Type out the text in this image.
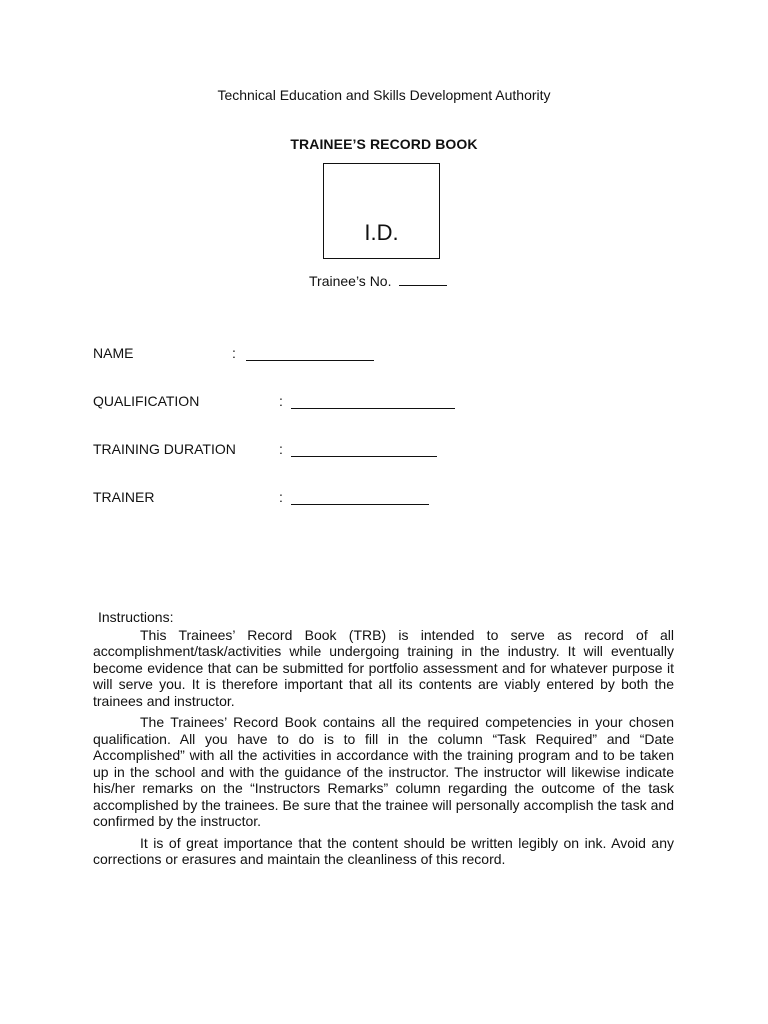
Technical Education and Skills Development Authority
TRAINEE’S RECORD BOOK
I.D.
Trainee’s No.
NAME	:
QUALIFICATION	:
TRAINING DURATION	:
TRAINER	:
Instructions:

This Trainees’ Record Book (TRB) is intended to serve as record of all accomplishment/task/activities while undergoing training in the industry. It will eventually become evidence that can be submitted for portfolio assessment and for whatever purpose it will serve you. It is therefore important that all its contents are viably entered by both the trainees and instructor.

The Trainees’ Record Book contains all the required competencies in your chosen qualification. All you have to do is to fill in the column “Task Required” and “Date Accomplished” with all the activities in accordance with the training program and to be taken up in the school and with the guidance of the instructor. The instructor will likewise indicate his/her remarks on the “Instructors Remarks” column regarding the outcome of the task accomplished by the trainees. Be sure that the trainee will personally accomplish the task and confirmed by the instructor.

It is of great importance that the content should be written legibly on ink. Avoid any corrections or erasures and maintain the cleanliness of this record.
